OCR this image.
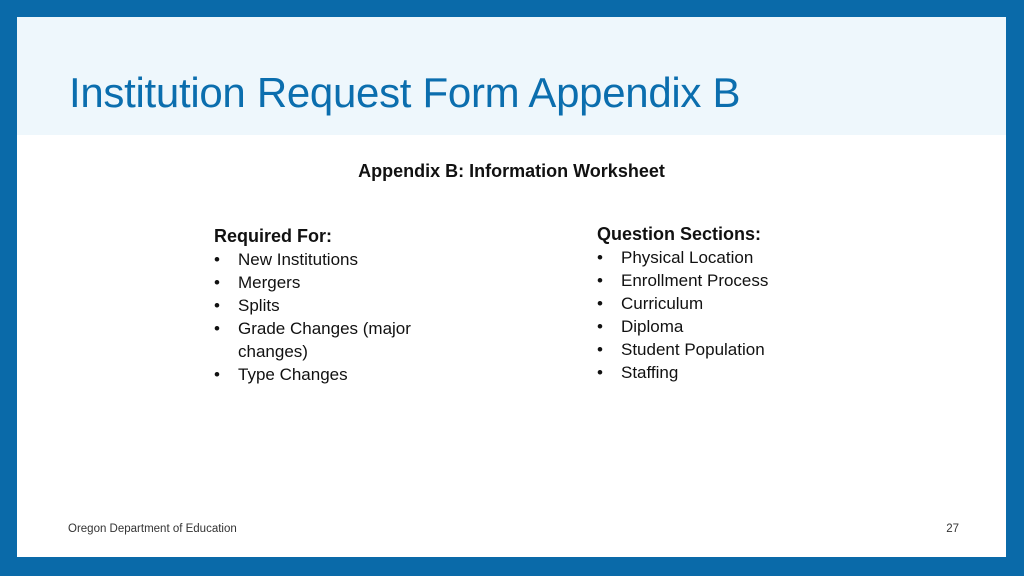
Institution Request Form Appendix B
Appendix B: Information Worksheet
Required For:
• New Institutions
• Mergers
• Splits
• Grade Changes (major changes)
• Type Changes
Question Sections:
• Physical Location
• Enrollment Process
• Curriculum
• Diploma
• Student Population
• Staffing
Oregon Department of Education	27
